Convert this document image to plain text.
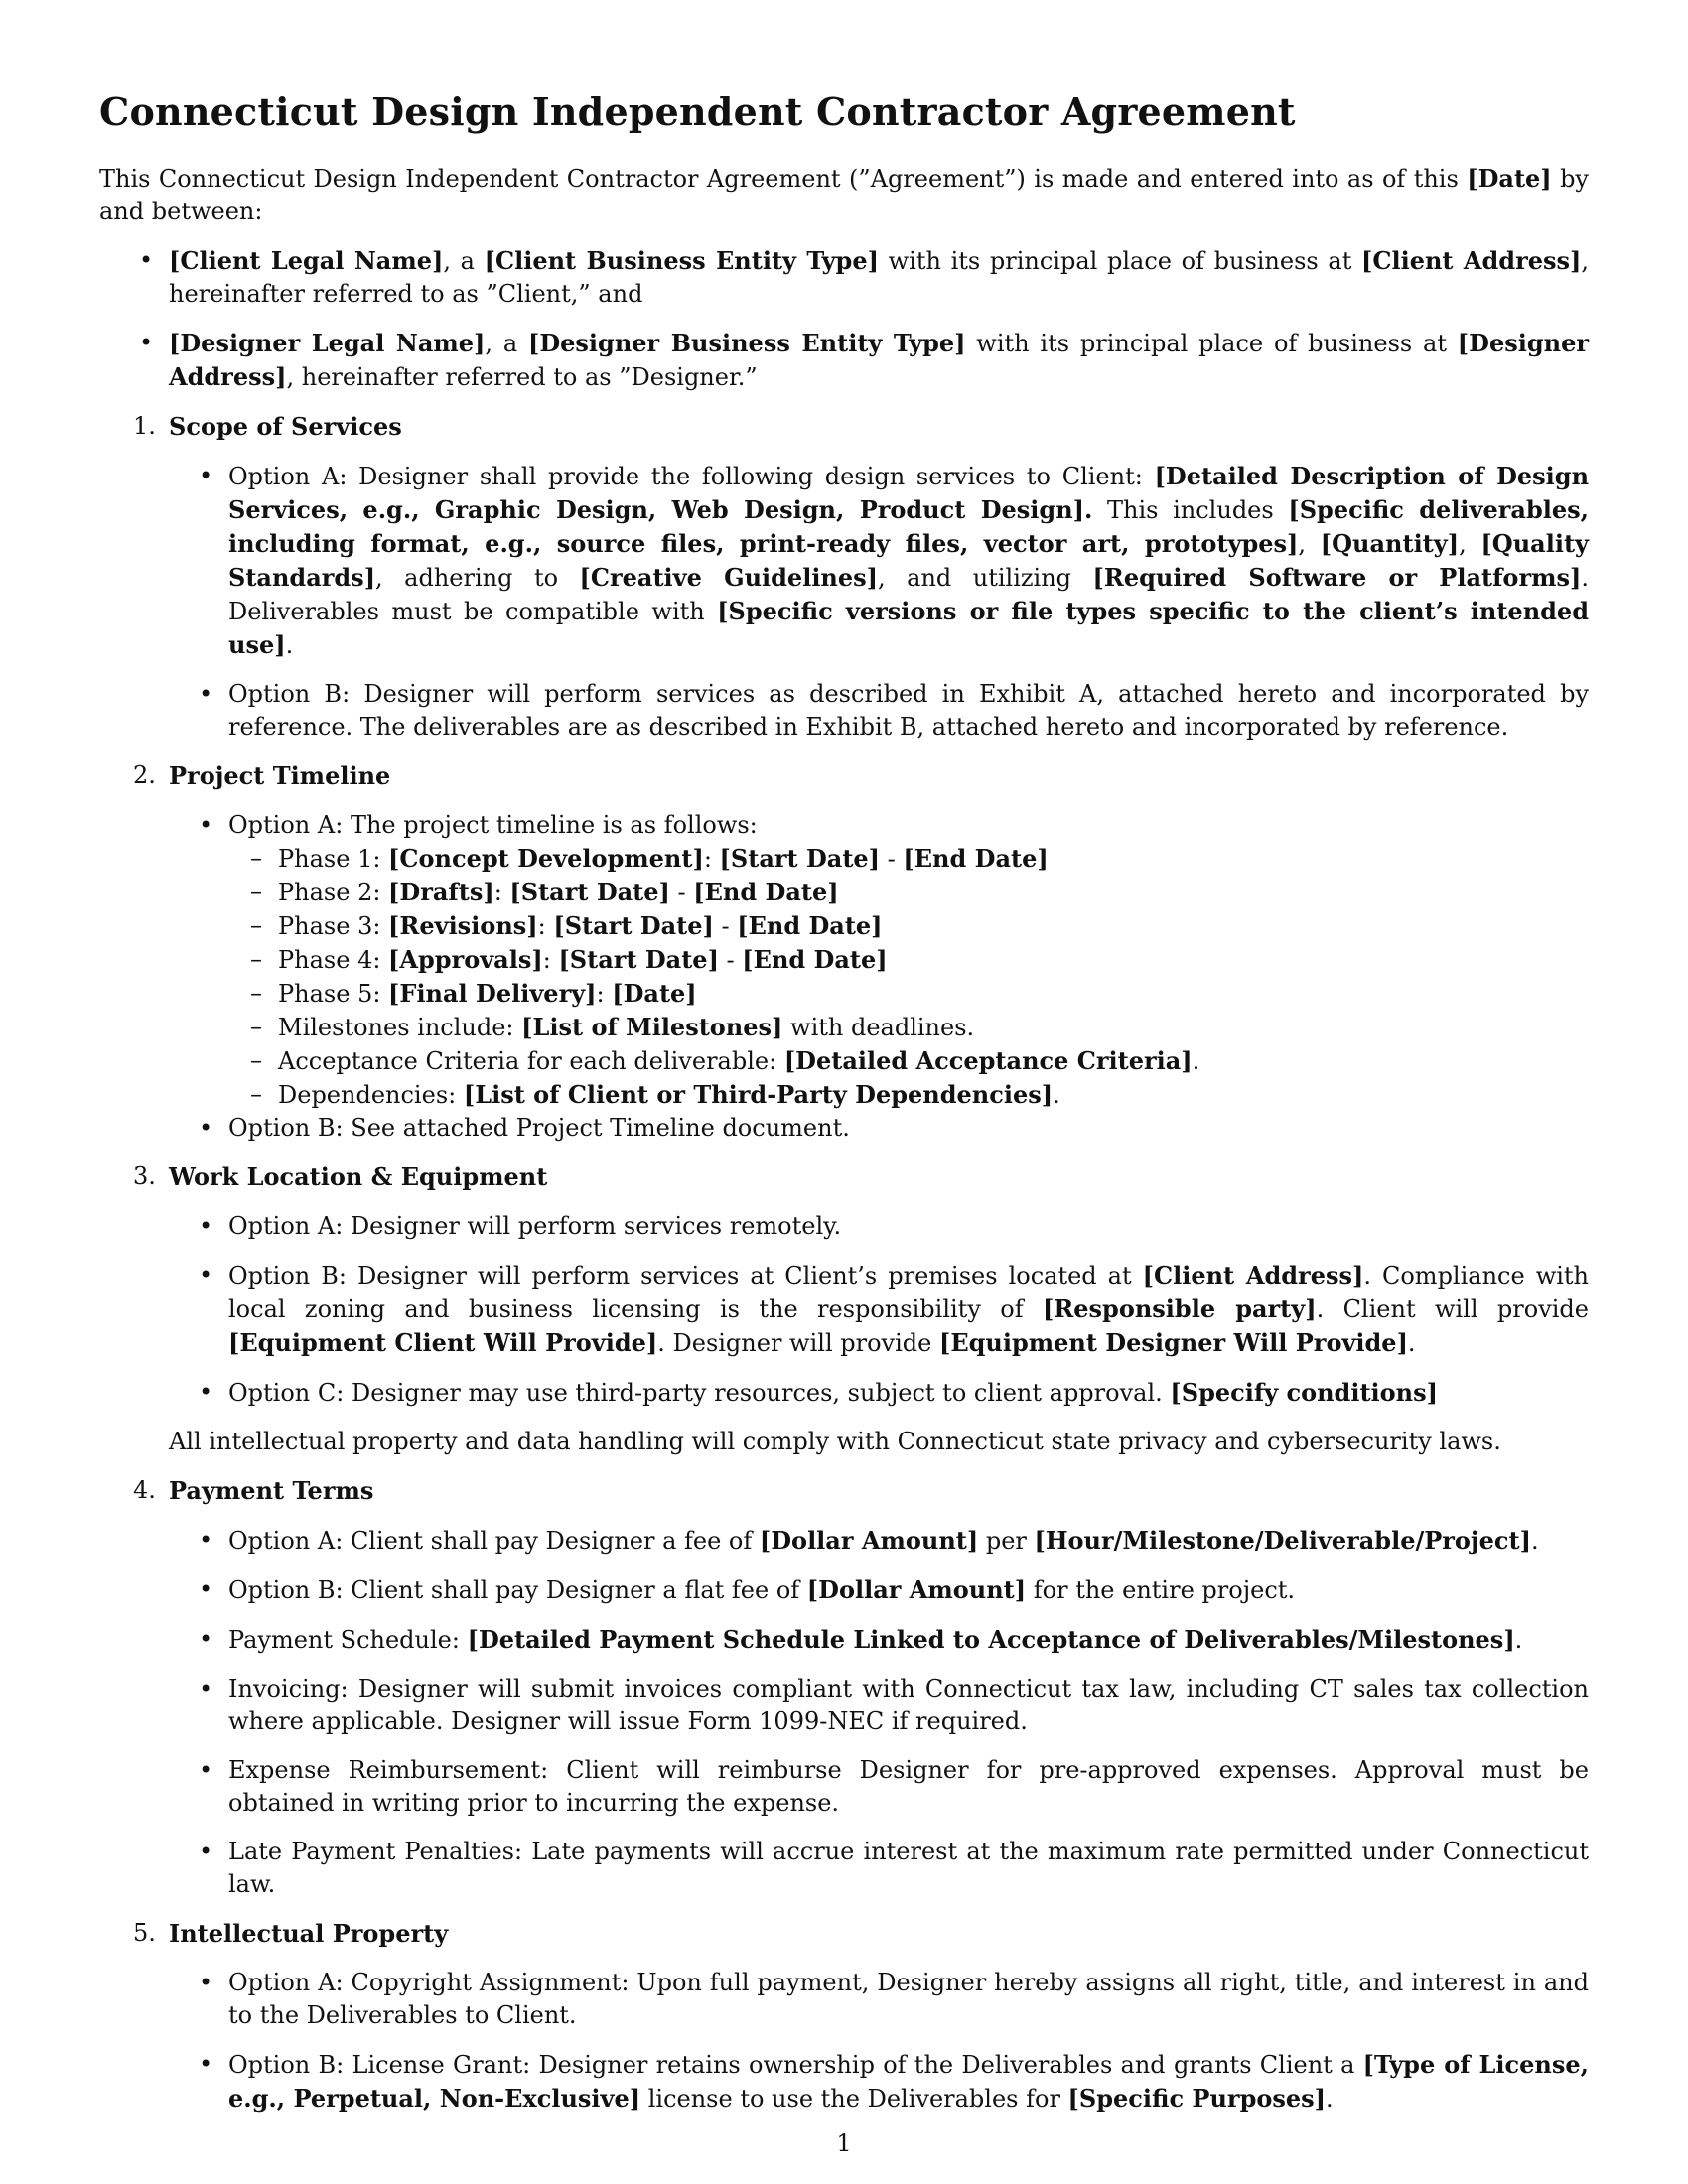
Connecticut Design Independent Contractor Agreement

This Connecticut Design Independent Contractor Agreement (”Agreement”) is made and entered into as of this [Date] by and between:

• [Client Legal Name], a [Client Business Entity Type] with its principal place of business at [Client Address], hereinafter referred to as ”Client,” and
• [Designer Legal Name], a [Designer Business Entity Type] with its principal place of business at [Designer Address], hereinafter referred to as ”Designer.”
1. Scope of Services
• Option A: Designer shall provide the following design services to Client: [Detailed Description of Design Services, e.g., Graphic Design, Web Design, Product Design]. This includes [Specific deliverables, including format, e.g., source files, print-ready files, vector art, prototypes], [Quantity], [Quality Standards], adhering to [Creative Guidelines], and utilizing [Required Software or Platforms]. Deliverables must be compatible with [Specific versions or file types specific to the client’s intended use].
• Option B: Designer will perform services as described in Exhibit A, attached hereto and incorporated by reference. The deliverables are as described in Exhibit B, attached hereto and incorporated by reference.
2. Project Timeline
• Option A: The project timeline is as follows:
– Phase 1: [Concept Development]: [Start Date] - [End Date]
– Phase 2: [Drafts]: [Start Date] - [End Date]
– Phase 3: [Revisions]: [Start Date] - [End Date]
– Phase 4: [Approvals]: [Start Date] - [End Date]
– Phase 5: [Final Delivery]: [Date]
– Milestones include: [List of Milestones] with deadlines.
– Acceptance Criteria for each deliverable: [Detailed Acceptance Criteria].
– Dependencies: [List of Client or Third-Party Dependencies].
• Option B: See attached Project Timeline document.
3. Work Location & Equipment
• Option A: Designer will perform services remotely.
• Option B: Designer will perform services at Client’s premises located at [Client Address]. Compliance with local zoning and business licensing is the responsibility of [Responsible party]. Client will provide [Equipment Client Will Provide]. Designer will provide [Equipment Designer Will Provide].
• Option C: Designer may use third-party resources, subject to client approval. [Specify conditions]
All intellectual property and data handling will comply with Connecticut state privacy and cybersecurity laws.
4. Payment Terms
• Option A: Client shall pay Designer a fee of [Dollar Amount] per [Hour/Milestone/Deliverable/Project].
• Option B: Client shall pay Designer a flat fee of [Dollar Amount] for the entire project.
• Payment Schedule: [Detailed Payment Schedule Linked to Acceptance of Deliverables/Milestones].
• Invoicing: Designer will submit invoices compliant with Connecticut tax law, including CT sales tax collection where applicable. Designer will issue Form 1099-NEC if required.
• Expense Reimbursement: Client will reimburse Designer for pre-approved expenses. Approval must be obtained in writing prior to incurring the expense.
• Late Payment Penalties: Late payments will accrue interest at the maximum rate permitted under Connecticut law.
5. Intellectual Property
• Option A: Copyright Assignment: Upon full payment, Designer hereby assigns all right, title, and interest in and to the Deliverables to Client.
• Option B: License Grant: Designer retains ownership of the Deliverables and grants Client a [Type of License, e.g., Perpetual, Non-Exclusive] license to use the Deliverables for [Specific Purposes].
1
